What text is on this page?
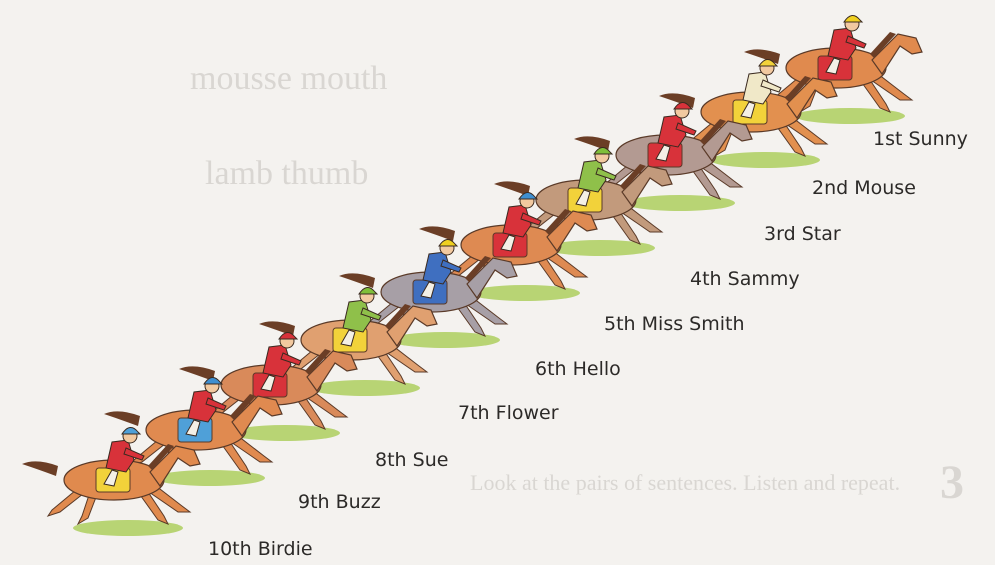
mousse mouth
lamb thumb
Look at the pairs of sentences. Listen and repeat. 3
1st Sunny
2nd Mouse
3rd Star
4th Sammy
5th Miss Smith
6th Hello
7th Flower
8th Sue
9th Buzz
10th Birdie
